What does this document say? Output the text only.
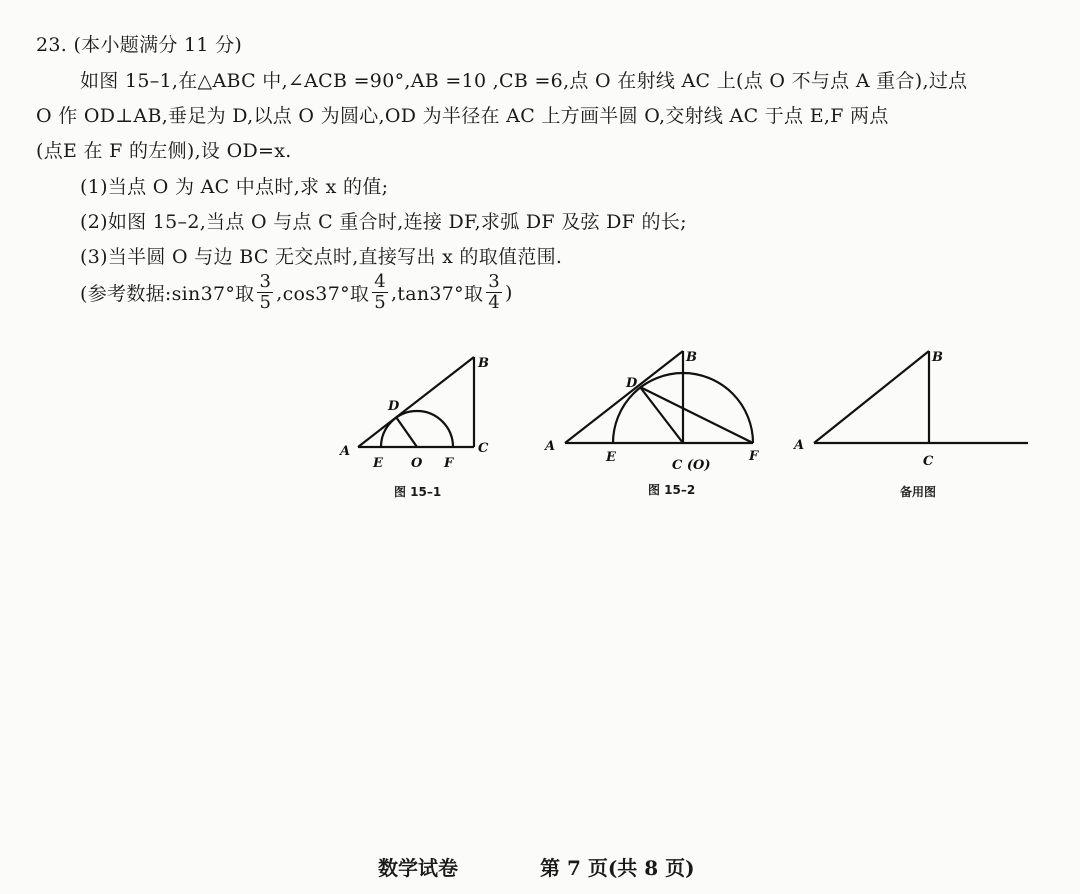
23. (本小题满分 11 分)
如图 15–1,在△ABC 中,∠ACB =90°,AB =10 ,CB =6,点 O 在射线 AC 上(点 O 不与点 A 重合),过点
O 作 OD⊥AB,垂足为 D,以点 O 为圆心,OD 为半径在 AC 上方画半圆 O,交射线 AC 于点 E,F 两点
(点E 在 F 的左侧),设 OD=x.
(1)当点 O 为 AC 中点时,求 x 的值;
(2)如图 15–2,当点 O 与点 C 重合时,连接 DF,求弧 DF 及弦 DF 的长;
(3)当半圆 O 与边 BC 无交点时,直接写出 x 的取值范围.
(参考数据: sin37°取 $\frac{3}{5}$ , cos37°取 $\frac{4}{5}$ , tan37°取 $\frac{3}{4}$ )
A
B
C
D
E O F
A
B
C (O)
D
E	F
A
B
C
图 15–1	图 15–2	备用图
数学试卷	第 7 页(共 8 页)
